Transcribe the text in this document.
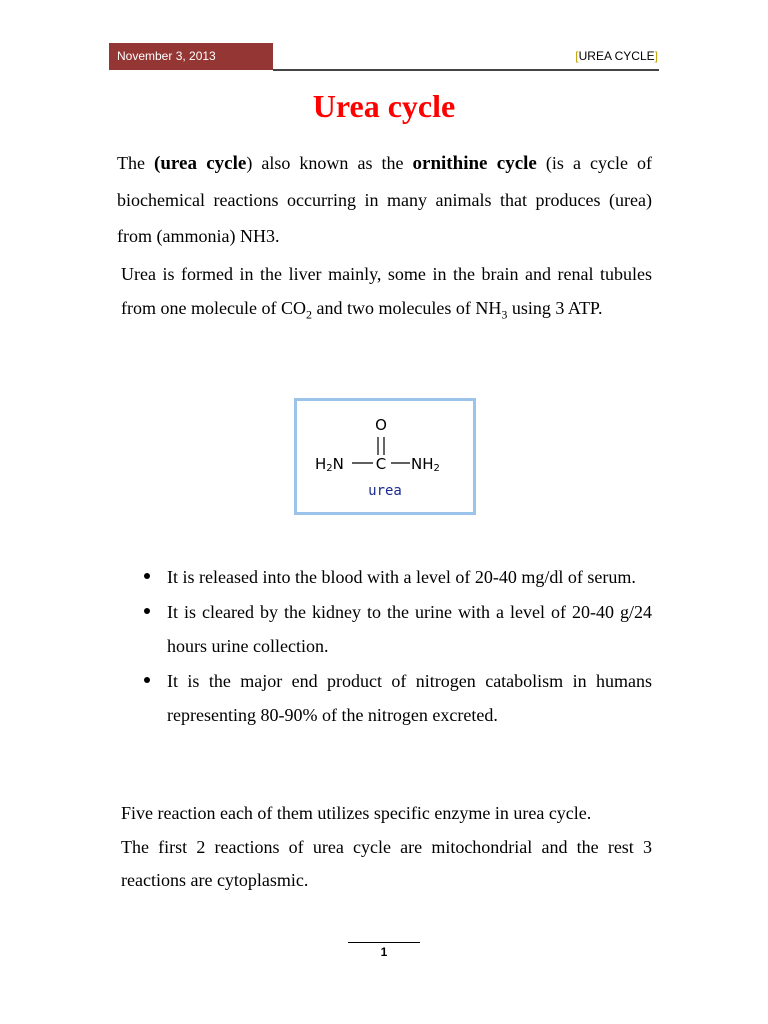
November 3, 2013	[UREA CYCLE]
Urea cycle
The (urea cycle) also known as the ornithine cycle (is a cycle of biochemical reactions occurring in many animals that produces (urea) from (ammonia) NH3.
Urea is formed in the liver mainly, some in the brain and renal tubules from one molecule of $CO_2$ and two molecules of $NH_3$ using 3 ATP.
O
C
H2N	NH2
urea
It is released into the blood with a level of 20-40 mg/dl of serum.
It is cleared by the kidney to the urine with a level of 20-40 g/24 hours urine collection.
It is the major end product of nitrogen catabolism in humans representing 80-90% of the nitrogen excreted.
Five reaction each of them utilizes specific enzyme in urea cycle.
The first 2 reactions of urea cycle are mitochondrial and the rest 3 reactions are cytoplasmic.
1
